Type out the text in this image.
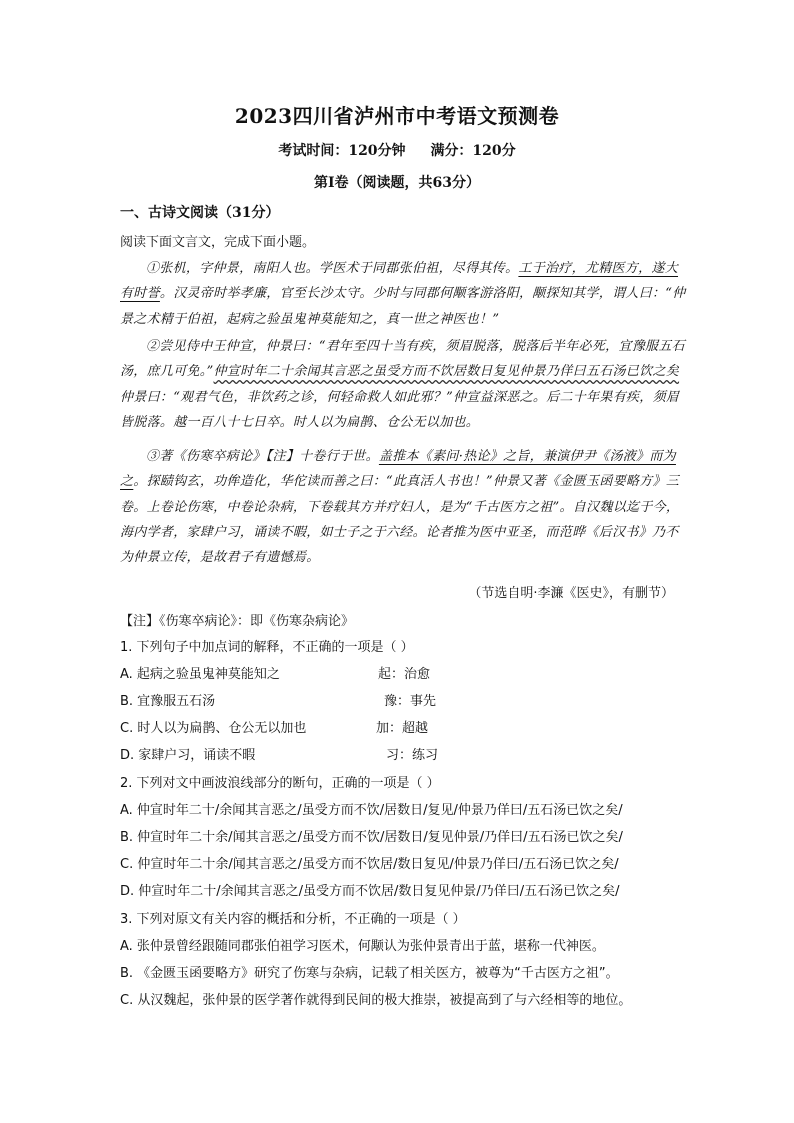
2023四川省泸州市中考语文预测卷
考试时间：120分钟 满分：120分
第Ⅰ卷（阅读题，共63分）
一、古诗文阅读（31分）
阅读下面文言文，完成下面小题。

①张机，字仲景，南阳人也。学医术于同郡张伯祖，尽得其传。工于治疗，尤精医方，遂大有时誉。汉灵帝时举孝廉，官至长沙太守。少时与同郡何颙客游洛阳，颙探知其学，谓人曰：“仲景之术精于伯祖，起病之验虽鬼神莫能知之，真一世之神医也！”

②尝见侍中王仲宣，仲景曰：“君年至四十当有疾，须眉脱落，脱落后半年必死，宜豫服五石汤，庶几可免。”仲宣时年二十余闻其言恶之虽受方而不饮居数日复见仲景乃佯曰五石汤已饮之矣仲景曰：“观君气色，非饮药之诊，何轻命救人如此邪？”仲宣益深恶之。后二十年果有疾，须眉皆脱落。越一百八十七日卒。时人以为扁鹊、仓公无以加也。

③著《伤寒卒病论》【注】十卷行于世。盖推本《素问·热论》之旨，兼演伊尹《汤液》而为之。探赜钩玄，功侔造化，华佗读而善之曰：“此真活人书也！”仲景又著《金匮玉函要略方》三卷。上卷论伤寒，中卷论杂病，下卷载其方并疗妇人，是为“千古医方之祖”。自汉魏以迄于今，海内学者，家肆户习，诵读不暇，如士子之于六经。论者推为医中亚圣，而范晔《后汉书》乃不为仲景立传，是故君子有遗憾焉。

（节选自明·李濂《医史》，有删节）
【注】《伤寒卒病论》：即《伤寒杂病论》
1. 下列句子中加点词的解释，不正确的一项是（ ）
A. 起病之验虽鬼神莫能知之	起：治愈
B. 宜豫服五石汤	豫：事先
C. 时人以为扁鹊、仓公无以加也	加：超越
D. 家肆户习，诵读不暇	习：练习
2. 下列对文中画波浪线部分的断句，正确的一项是（ ）
A. 仲宣时年二十/余闻其言恶之/虽受方而不饮/居数日/复见/仲景乃佯曰/五石汤已饮之矣/
B. 仲宣时年二十余/闻其言恶之/虽受方而不饮/居数日/复见仲景/乃佯曰/五石汤已饮之矣/
C. 仲宣时年二十余/闻其言恶之/虽受方而不饮居/数日复见/仲景乃佯曰/五石汤已饮之矣/
D. 仲宣时年二十/余闻其言恶之/虽受方而不饮居/数日复见仲景/乃佯曰/五石汤已饮之矣/
3. 下列对原文有关内容的概括和分析，不正确的一项是（ ）
A. 张仲景曾经跟随同郡张伯祖学习医术，何颙认为张仲景青出于蓝，堪称一代神医。
B. 《金匮玉函要略方》研究了伤寒与杂病，记载了相关医方，被尊为“千古医方之祖”。
C. 从汉魏起，张仲景的医学著作就得到民间的极大推崇，被提高到了与六经相等的地位。
